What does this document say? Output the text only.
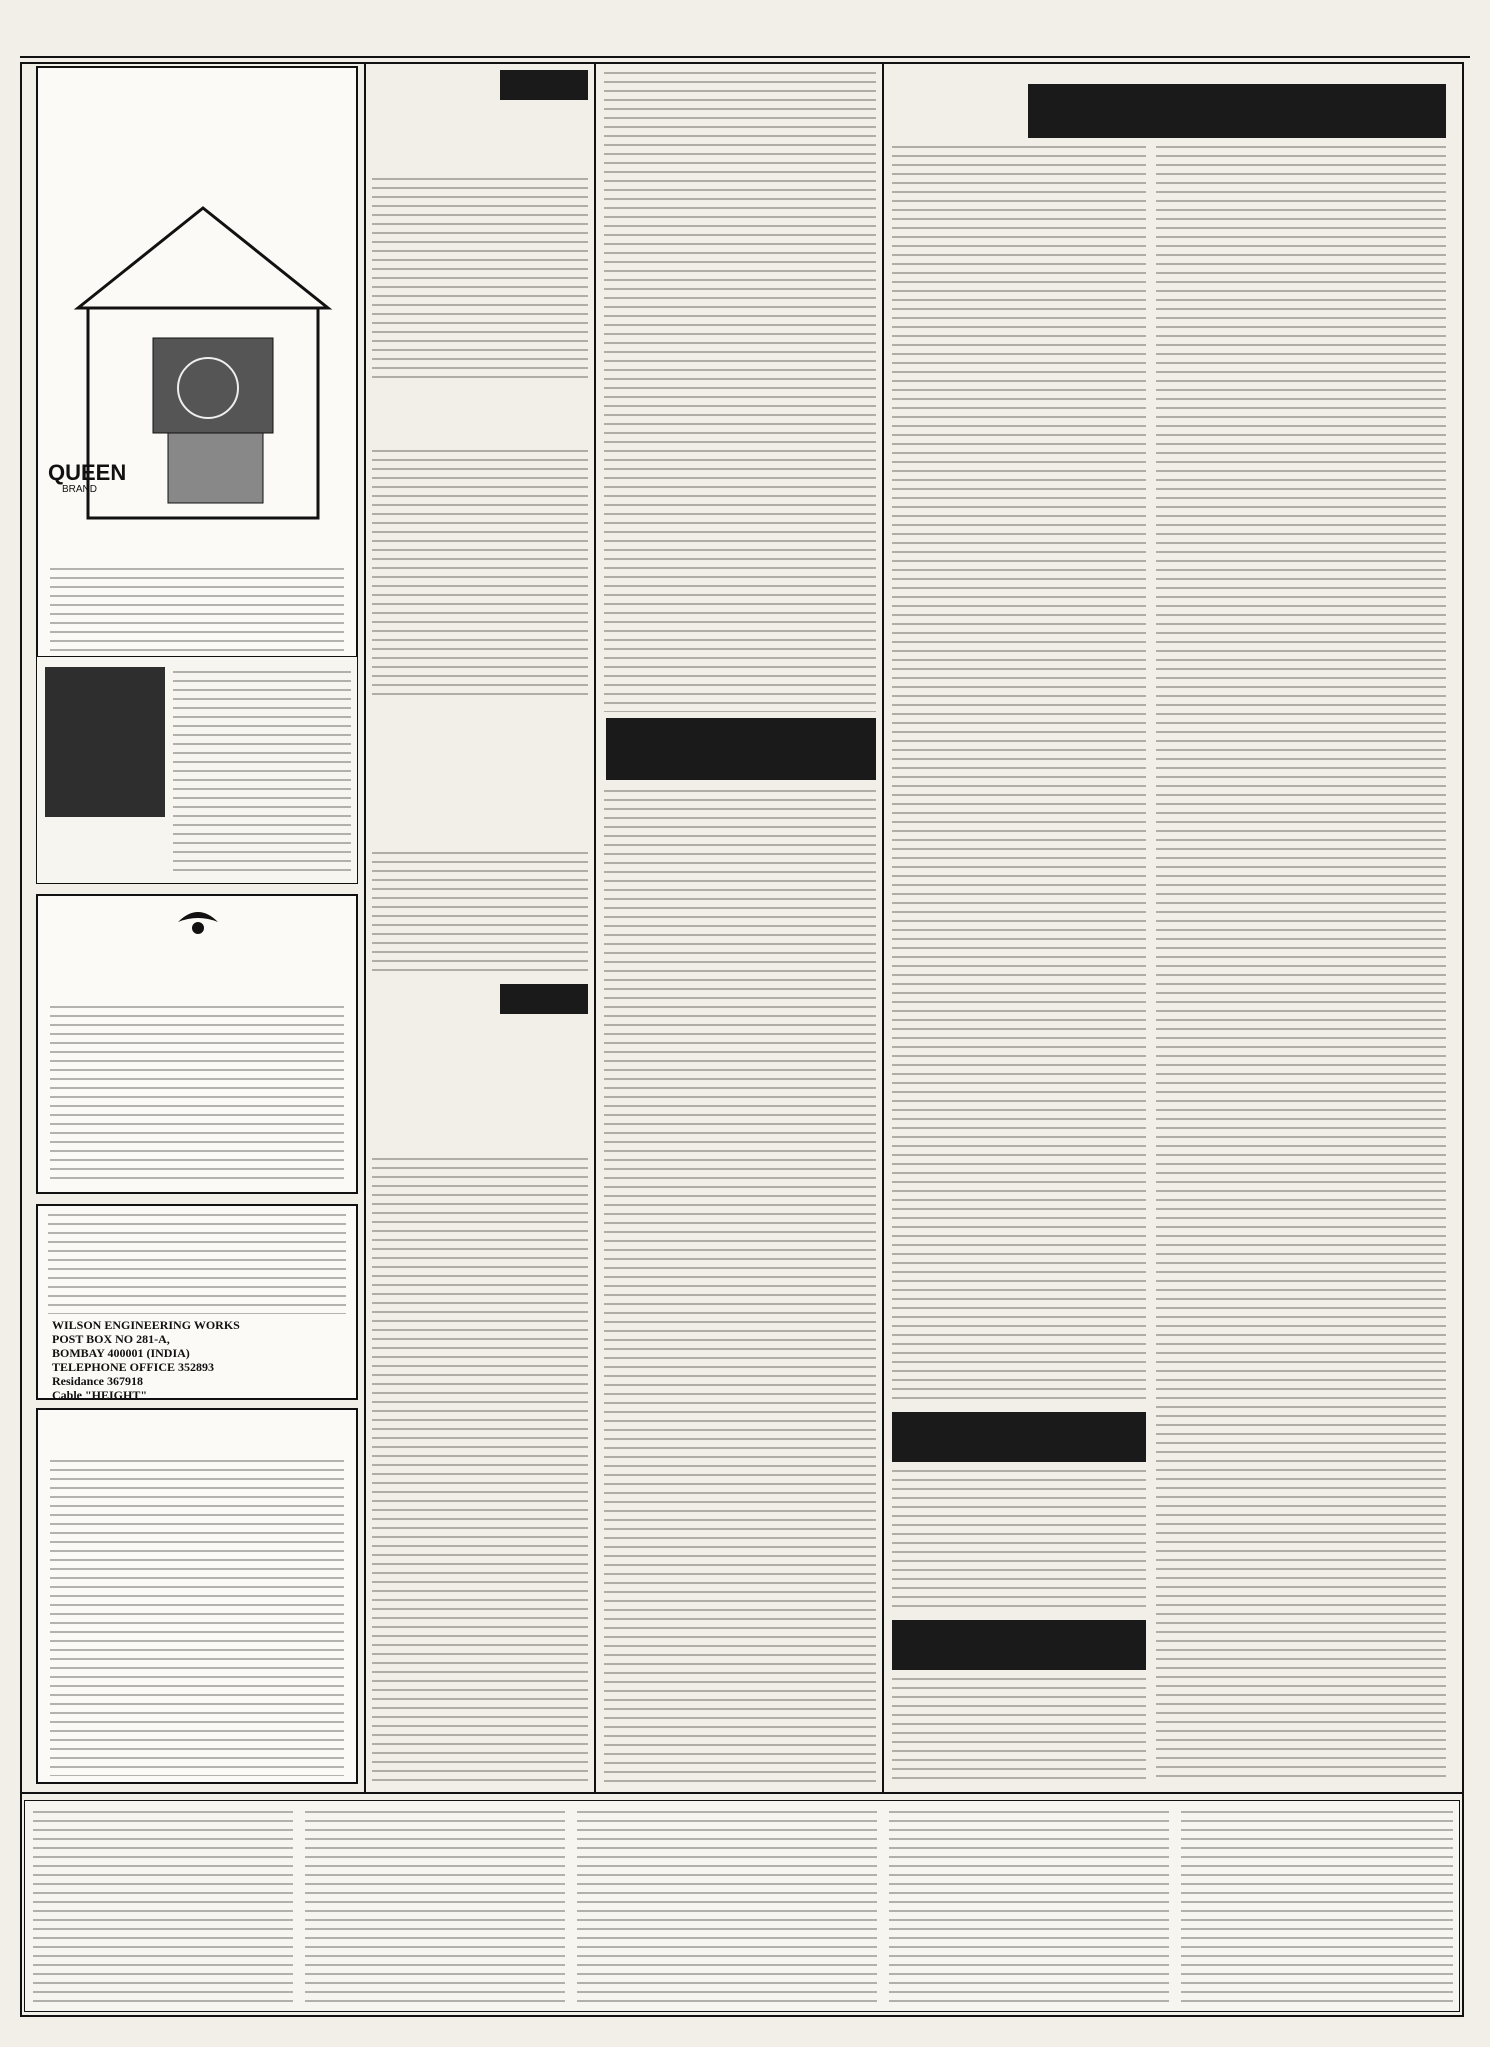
QUEEN
BRAND
WILSON ENGINEERING WORKS
POST BOX NO 281-A,
BOMBAY 400001 (INDIA)
TELEPHONE OFFICE 352893
Residance 367918
Cable "HEIGHT"
